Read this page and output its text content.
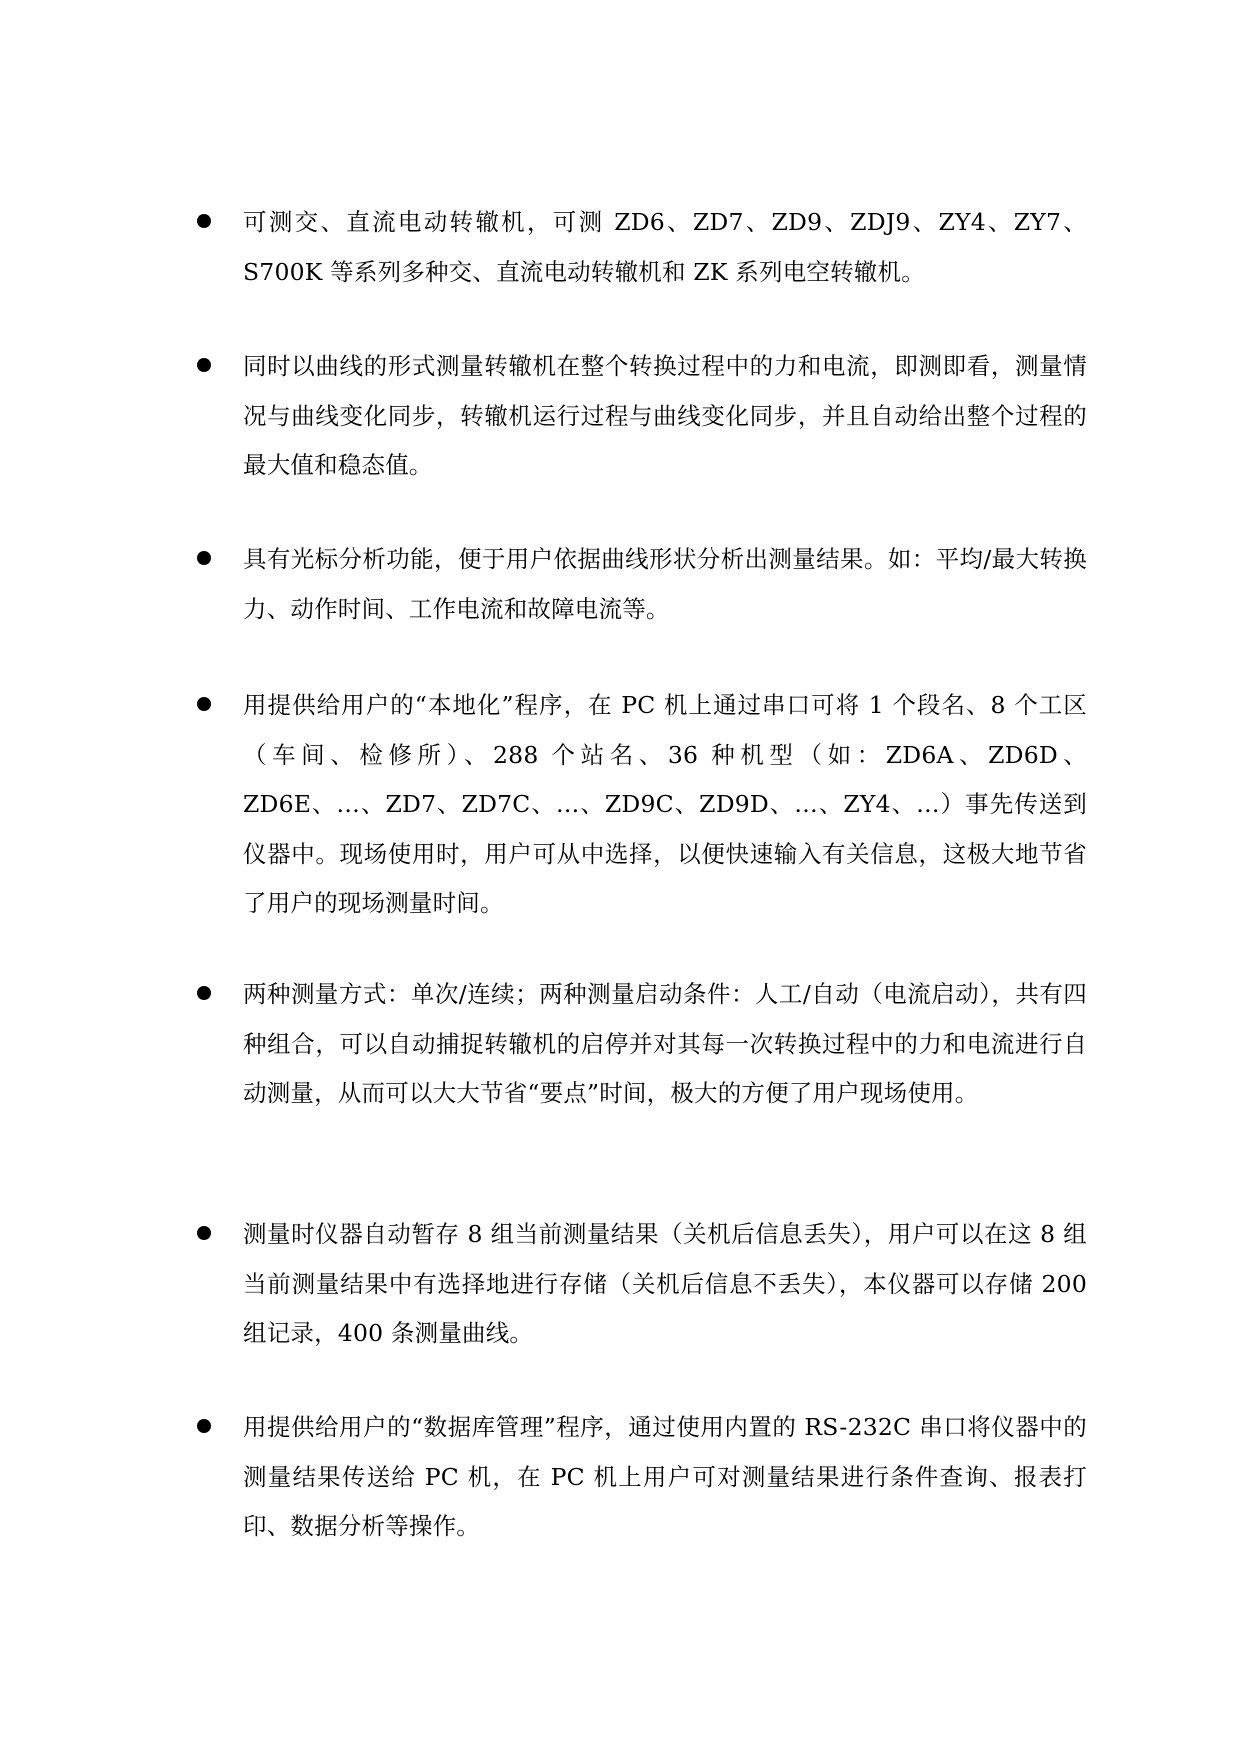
可测交、直流电动转辙机，可测 ZD6、ZD7、ZD9、ZDJ9、ZY4、ZY7、S700K 等系列多种交、直流电动转辙机和 ZK 系列电空转辙机。

同时以曲线的形式测量转辙机在整个转换过程中的力和电流，即测即看，测量情况与曲线变化同步，转辙机运行过程与曲线变化同步，并且自动给出整个过程的最大值和稳态值。

具有光标分析功能，便于用户依据曲线形状分析出测量结果。如：平均/最大转换力、动作时间、工作电流和故障电流等。

用提供给用户的“本地化”程序，在 PC 机上通过串口可将 1 个段名、8 个工区（车间、检修所）、288 个站名、36 种机型（如：ZD6A、ZD6D、ZD6E、…、ZD7、ZD7C、…、ZD9C、ZD9D、…、ZY4、…）事先传送到仪器中。现场使用时，用户可从中选择，以便快速输入有关信息，这极大地节省了用户的现场测量时间。

两种测量方式：单次/连续；两种测量启动条件：人工/自动（电流启动），共有四种组合，可以自动捕捉转辙机的启停并对其每一次转换过程中的力和电流进行自动测量，从而可以大大节省“要点”时间，极大的方便了用户现场使用。

测量时仪器自动暂存 8 组当前测量结果（关机后信息丢失），用户可以在这 8 组当前测量结果中有选择地进行存储（关机后信息不丢失），本仪器可以存储 200 组记录，400 条测量曲线。

用提供给用户的“数据库管理”程序，通过使用内置的 RS-232C 串口将仪器中的测量结果传送给 PC 机，在 PC 机上用户可对测量结果进行条件查询、报表打印、数据分析等操作。
